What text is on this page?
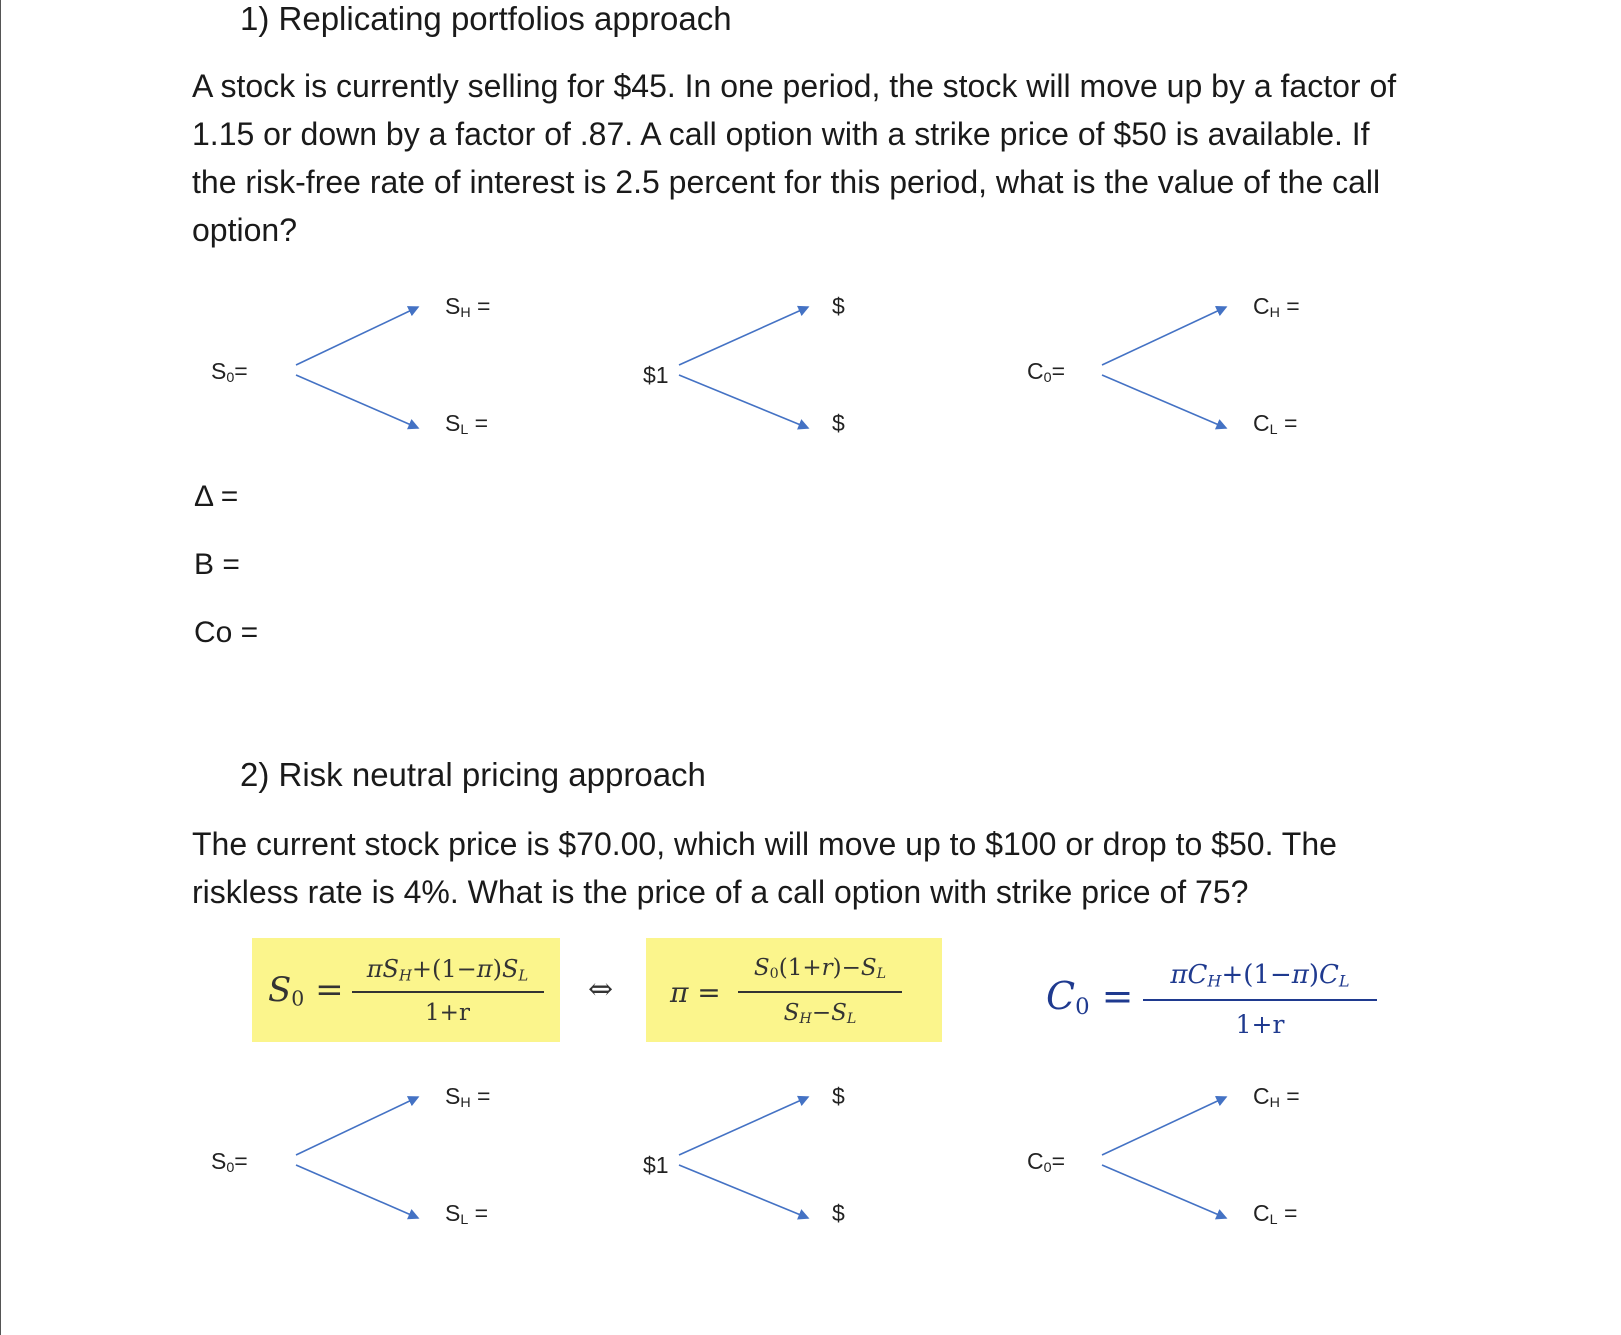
1) Replicating portfolios approach
A stock is currently selling for $45. In one period, the stock will move up by a factor of 1.15 or down by a factor of .87. A call option with a strike price of $50 is available. If the risk-free rate of interest is 2.5 percent for this period, what is the value of the call option?
$S_0=$
$S_H$ =
$S_L$ =
$1
$
$
$C_0=$
$C_H$ =
$C_L$ =
Δ =
B =
Co =
2) Risk neutral pricing approach
The current stock price is $70.00, which will move up to $100 or drop to $50. The riskless rate is 4%. What is the price of a call option with strike price of 75?
$S_0$ =
$\pi S_H+(1-\pi)S_L$
1+r
⇔ π =
$S_0(1+r)-S_L$
$S_H-S_L$
$C_0$ =	$\pi C_H+(1-\pi)C_L$
1+r
$S_0=$
$S_H$ =
$S_L$ =
$1
$
$
$C_0=$
$C_H$ =
$C_L$ =
